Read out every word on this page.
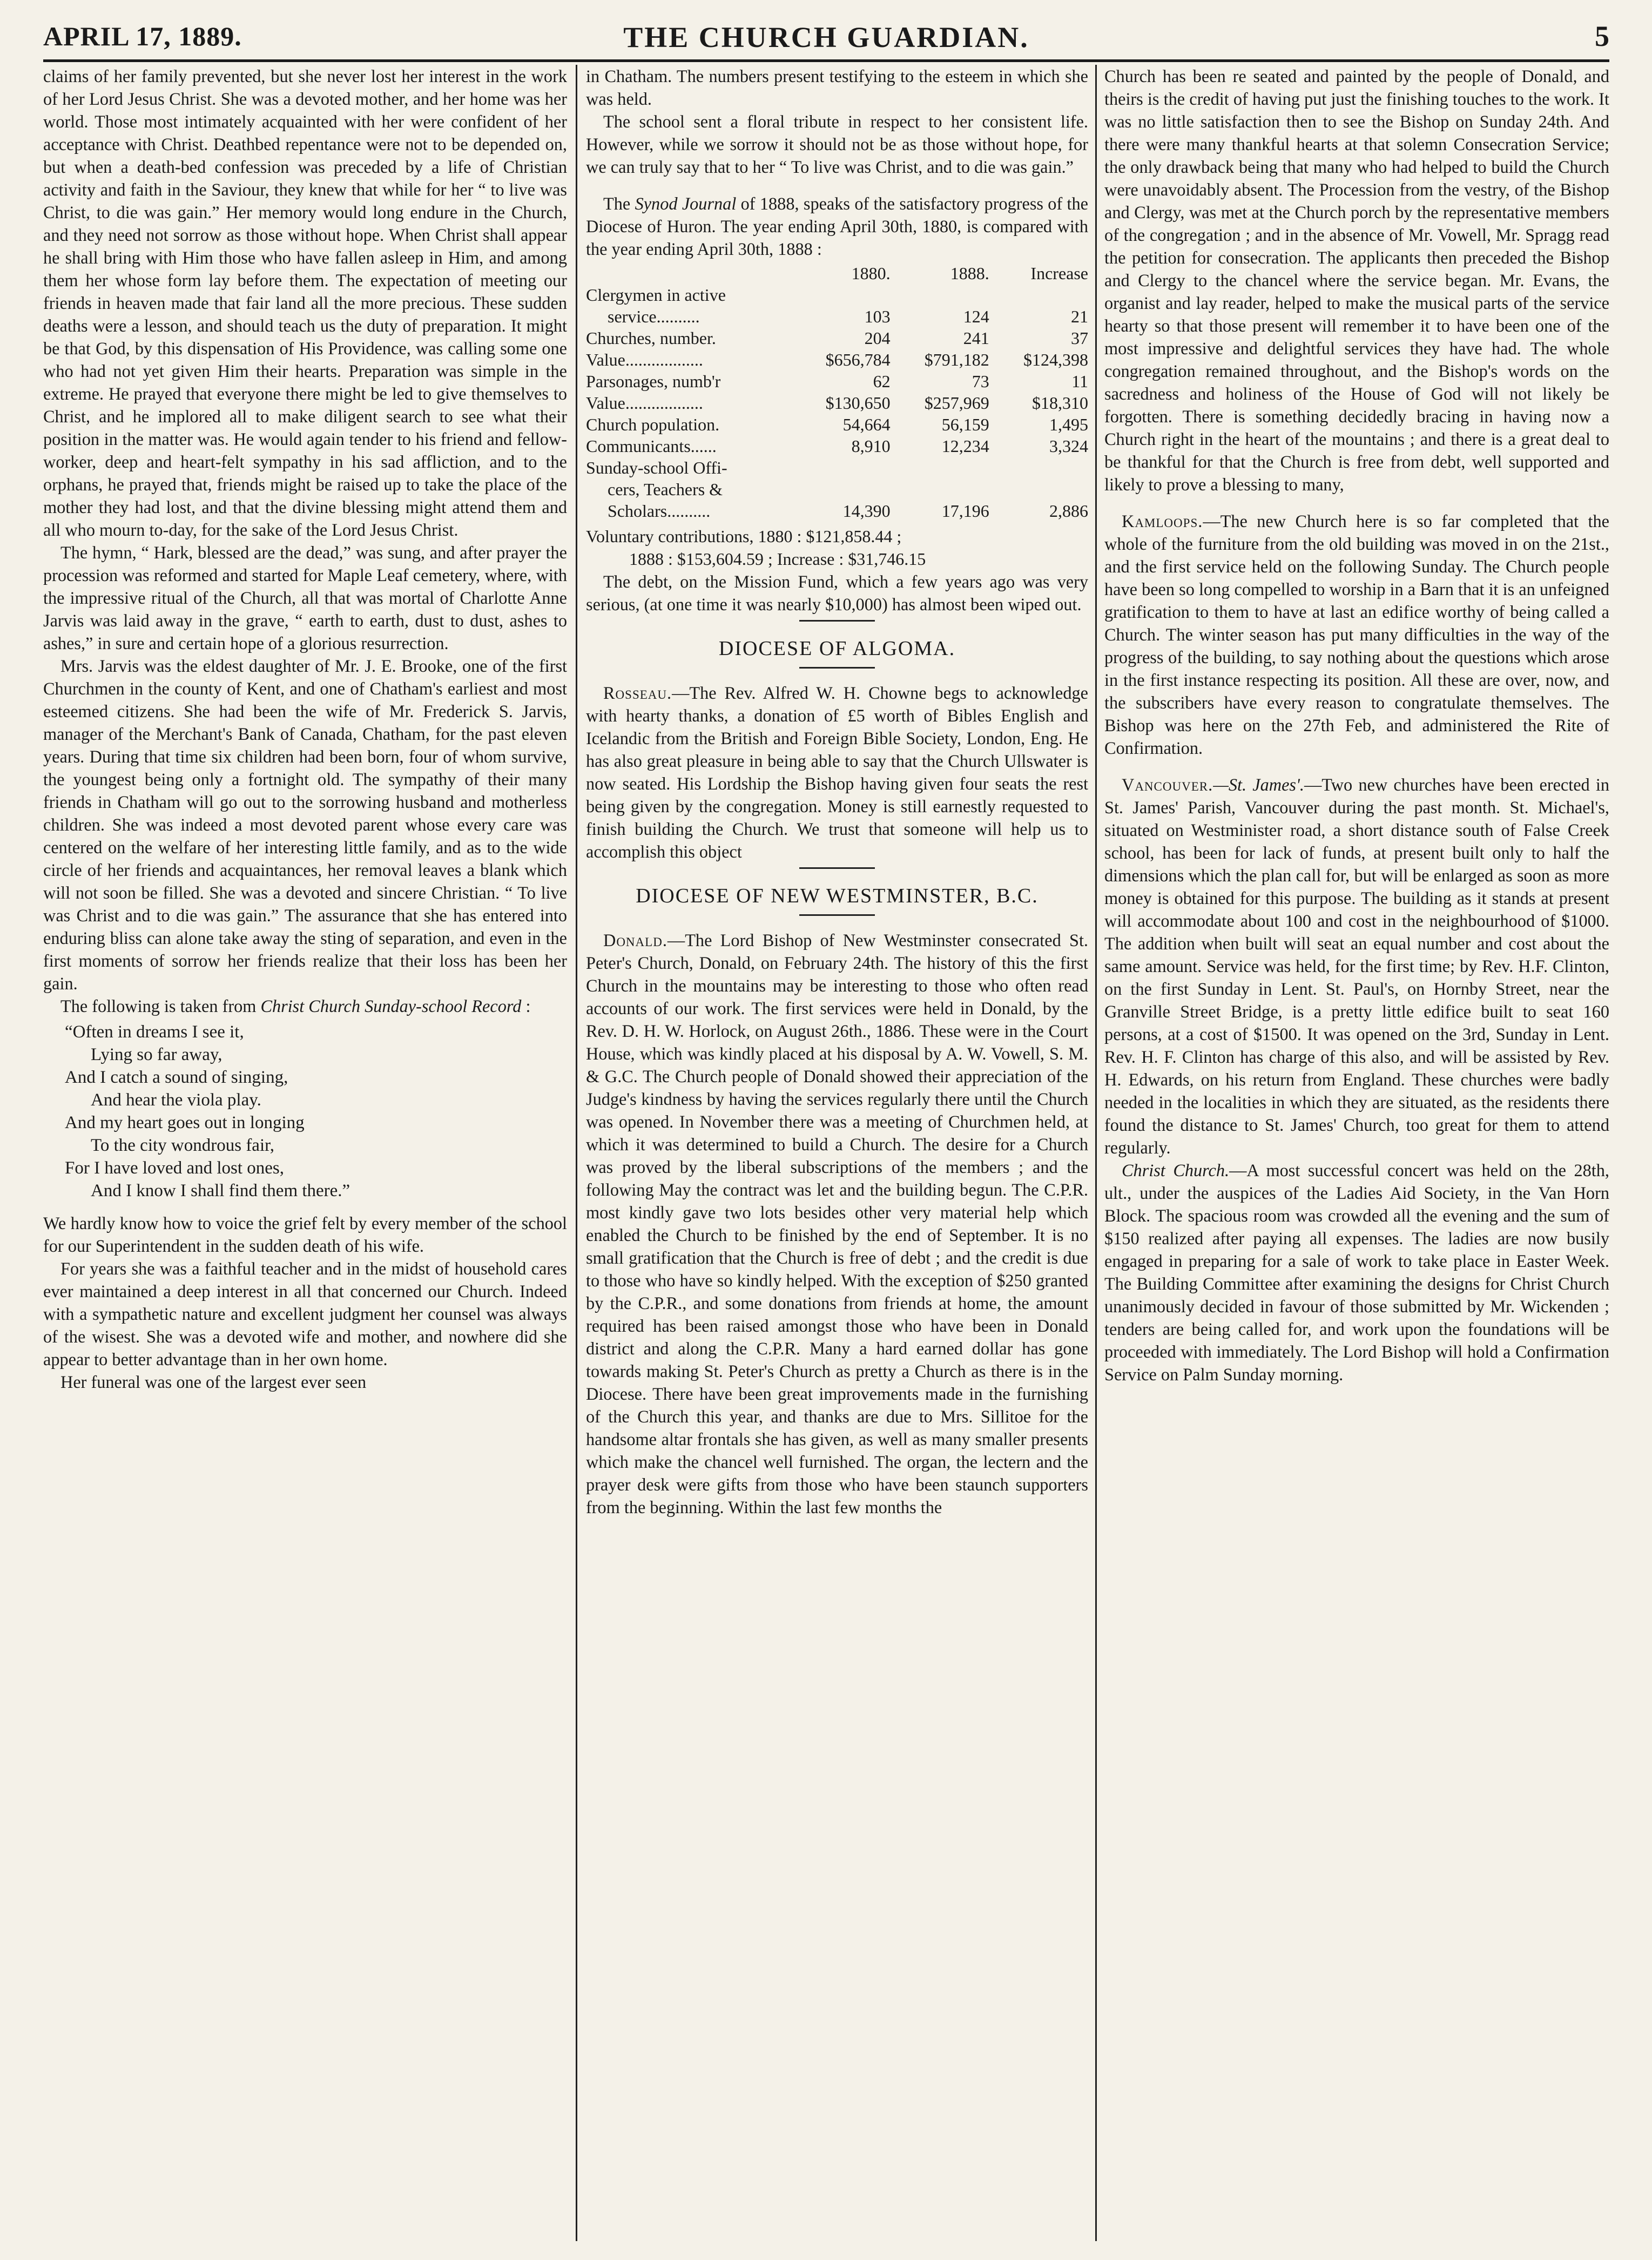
APRIL 17, 1889.	THE CHURCH GUARDIAN.	5

claims of her family prevented, but she never lost her interest in the work of her Lord Jesus Christ. She was a devoted mother, and her home was her world. Those most intimately acquainted with her were confident of her acceptance with Christ. Deathbed repentance were not to be depended on, but when a death-bed confession was preceded by a life of Christian activity and faith in the Saviour, they knew that while for her “ to live was Christ, to die was gain.” Her memory would long endure in the Church, and they need not sorrow as those without hope. When Christ shall appear he shall bring with Him those who have fallen asleep in Him, and among them her whose form lay before them. The expectation of meeting our friends in heaven made that fair land all the more precious. These sudden deaths were a lesson, and should teach us the duty of preparation. It might be that God, by this dispensation of His Providence, was calling some one who had not yet given Him their hearts. Preparation was simple in the extreme. He prayed that everyone there might be led to give themselves to Christ, and he implored all to make diligent search to see what their position in the matter was. He would again tender to his friend and fellow-worker, deep and heart-felt sympathy in his sad affliction, and to the orphans, he prayed that, friends might be raised up to take the place of the mother they had lost, and that the divine blessing might attend them and all who mourn to-day, for the sake of the Lord Jesus Christ.

The hymn, “ Hark, blessed are the dead,” was sung, and after prayer the procession was reformed and started for Maple Leaf cemetery, where, with the impressive ritual of the Church, all that was mortal of Charlotte Anne Jarvis was laid away in the grave, “ earth to earth, dust to dust, ashes to ashes,” in sure and certain hope of a glorious resurrection.

Mrs. Jarvis was the eldest daughter of Mr. J. E. Brooke, one of the first Churchmen in the county of Kent, and one of Chatham's earliest and most esteemed citizens. She had been the wife of Mr. Frederick S. Jarvis, manager of the Merchant's Bank of Canada, Chatham, for the past eleven years. During that time six children had been born, four of whom survive, the youngest being only a fortnight old. The sympathy of their many friends in Chatham will go out to the sorrowing husband and motherless children. She was indeed a most devoted parent whose every care was centered on the welfare of her interesting little family, and as to the wide circle of her friends and acquaintances, her removal leaves a blank which will not soon be filled. She was a devoted and sincere Christian. “ To live was Christ and to die was gain.” The assurance that she has entered into enduring bliss can alone take away the sting of separation, and even in the first moments of sorrow her friends realize that their loss has been her gain.

The following is taken from Christ Church Sunday-school Record :

“Often in dreams I see it,
Lying so far away,
And I catch a sound of singing,
And hear the viola play.
And my heart goes out in longing
To the city wondrous fair,
For I have loved and lost ones,
And I know I shall find them there.”

We hardly know how to voice the grief felt by every member of the school for our Superintendent in the sudden death of his wife.

For years she was a faithful teacher and in the midst of household cares ever maintained a deep interest in all that concerned our Church. Indeed with a sympathetic nature and excellent judgment her counsel was always of the wisest. She was a devoted wife and mother, and nowhere did she appear to better advantage than in her own home.

Her funeral was one of the largest ever seen

in Chatham. The numbers present testifying to the esteem in which she was held.

The school sent a floral tribute in respect to her consistent life. However, while we sorrow it should not be as those without hope, for we can truly say that to her “ To live was Christ, and to die was gain.”

The Synod Journal of 1888, speaks of the satisfactory progress of the Diocese of Huron. The year ending April 30th, 1880, is compared with the year ending April 30th, 1888 :

	1880.	1888.	Increase
Clergymen in active			
service..........	103	124	21
Churches, number.	204	241	37
Value..................	$656,784	$791,182	$124,398
Parsonages, numb'r	62	73	11
Value..................	$130,650	$257,969	$18,310
Church population.	54,664	56,159	1,495
Communicants......	8,910	12,234	3,324
Sunday-school Offi-			
cers, Teachers &			
Scholars..........	14,390	17,196	2,886
Voluntary contributions, 1880 : $121,858.44 ;
1888 : $153,604.59 ; Increase : $31,746.15

The debt, on the Mission Fund, which a few years ago was very serious, (at one time it was nearly $10,000) has almost been wiped out.

DIOCESE OF ALGOMA.

Rosseau.—The Rev. Alfred W. H. Chowne begs to acknowledge with hearty thanks, a donation of £5 worth of Bibles English and Icelandic from the British and Foreign Bible Society, London, Eng. He has also great pleasure in being able to say that the Church Ullswater is now seated. His Lordship the Bishop having given four seats the rest being given by the congregation. Money is still earnestly requested to finish building the Church. We trust that someone will help us to accomplish this object

DIOCESE OF NEW WESTMINSTER, B.C.

Donald.—The Lord Bishop of New Westminster consecrated St. Peter's Church, Donald, on February 24th. The history of this the first Church in the mountains may be interesting to those who often read accounts of our work. The first services were held in Donald, by the Rev. D. H. W. Horlock, on August 26th., 1886. These were in the Court House, which was kindly placed at his disposal by A. W. Vowell, S. M. & G.C. The Church people of Donald showed their appreciation of the Judge's kindness by having the services regularly there until the Church was opened. In November there was a meeting of Churchmen held, at which it was determined to build a Church. The desire for a Church was proved by the liberal subscriptions of the members ; and the following May the contract was let and the building begun. The C.P.R. most kindly gave two lots besides other very material help which enabled the Church to be finished by the end of September. It is no small gratification that the Church is free of debt ; and the credit is due to those who have so kindly helped. With the exception of $250 granted by the C.P.R., and some donations from friends at home, the amount required has been raised amongst those who have been in Donald district and along the C.P.R. Many a hard earned dollar has gone towards making St. Peter's Church as pretty a Church as there is in the Diocese. There have been great improvements made in the furnishing of the Church this year, and thanks are due to Mrs. Sillitoe for the handsome altar frontals she has given, as well as many smaller presents which make the chancel well furnished. The organ, the lectern and the prayer desk were gifts from those who have been staunch supporters from the beginning. Within the last few months the

Church has been re seated and painted by the people of Donald, and theirs is the credit of having put just the finishing touches to the work. It was no little satisfaction then to see the Bishop on Sunday 24th. And there were many thankful hearts at that solemn Consecration Service; the only drawback being that many who had helped to build the Church were unavoidably absent. The Procession from the vestry, of the Bishop and Clergy, was met at the Church porch by the representative members of the congregation ; and in the absence of Mr. Vowell, Mr. Spragg read the petition for consecration. The applicants then preceded the Bishop and Clergy to the chancel where the service began. Mr. Evans, the organist and lay reader, helped to make the musical parts of the service hearty so that those present will remember it to have been one of the most impressive and delightful services they have had. The whole congregation remained throughout, and the Bishop's words on the sacredness and holiness of the House of God will not likely be forgotten. There is something decidedly bracing in having now a Church right in the heart of the mountains ; and there is a great deal to be thankful for that the Church is free from debt, well supported and likely to prove a blessing to many,

Kamloops.—The new Church here is so far completed that the whole of the furniture from the old building was moved in on the 21st., and the first service held on the following Sunday. The Church people have been so long compelled to worship in a Barn that it is an unfeigned gratification to them to have at last an edifice worthy of being called a Church. The winter season has put many difficulties in the way of the progress of the building, to say nothing about the questions which arose in the first instance respecting its position. All these are over, now, and the subscribers have every reason to congratulate themselves. The Bishop was here on the 27th Feb, and administered the Rite of Confirmation.

Vancouver.—St. James'.—Two new churches have been erected in St. James' Parish, Vancouver during the past month. St. Michael's, situated on Westminister road, a short distance south of False Creek school, has been for lack of funds, at present built only to half the dimensions which the plan call for, but will be enlarged as soon as more money is obtained for this purpose. The building as it stands at present will accommodate about 100 and cost in the neighbourhood of $1000. The addition when built will seat an equal number and cost about the same amount. Service was held, for the first time; by Rev. H.F. Clinton, on the first Sunday in Lent. St. Paul's, on Hornby Street, near the Granville Street Bridge, is a pretty little edifice built to seat 160 persons, at a cost of $1500. It was opened on the 3rd, Sunday in Lent. Rev. H. F. Clinton has charge of this also, and will be assisted by Rev. H. Edwards, on his return from England. These churches were badly needed in the localities in which they are situated, as the residents there found the distance to St. James' Church, too great for them to attend regularly.

Christ Church.—A most successful concert was held on the 28th, ult., under the auspices of the Ladies Aid Society, in the Van Horn Block. The spacious room was crowded all the evening and the sum of $150 realized after paying all expenses. The ladies are now busily engaged in preparing for a sale of work to take place in Easter Week. The Building Committee after examining the designs for Christ Church unanimously decided in favour of those submitted by Mr. Wickenden ; tenders are being called for, and work upon the foundations will be proceeded with immediately. The Lord Bishop will hold a Confirmation Service on Palm Sunday morning.
